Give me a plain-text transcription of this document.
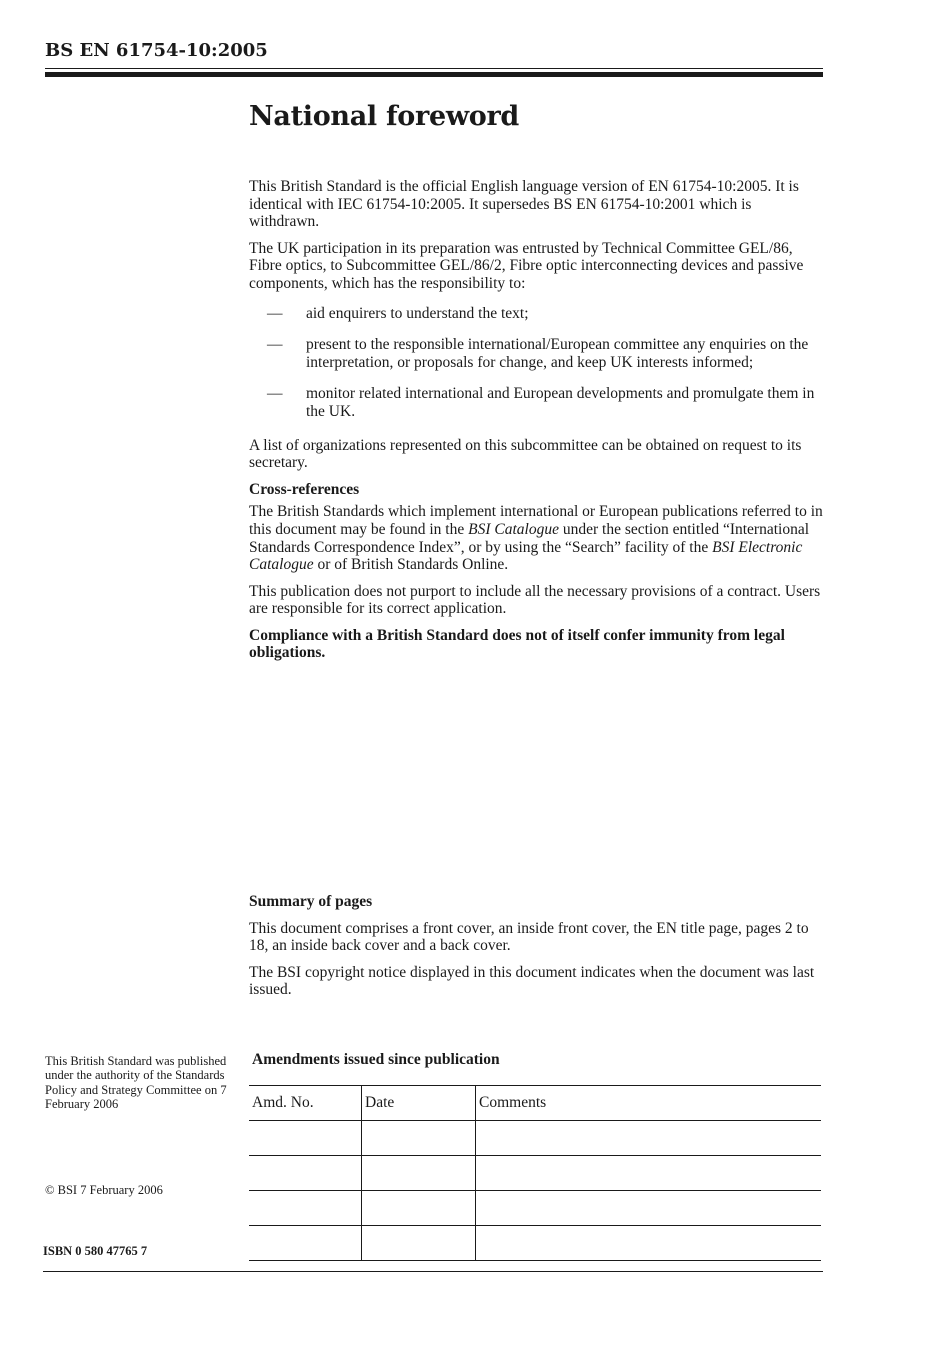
BS EN 61754-10:2005
National foreword

This British Standard is the official English language version of EN 61754-10:2005. It is identical with IEC 61754-10:2005. It supersedes BS EN 61754-10:2001 which is withdrawn.

The UK participation in its preparation was entrusted by Technical Committee GEL/86, Fibre optics, to Subcommittee GEL/86/2, Fibre optic interconnecting devices and passive components, which has the responsibility to:

— aid enquirers to understand the text;
— present to the responsible international/European committee any enquiries on the interpretation, or proposals for change, and keep UK interests informed;
— monitor related international and European developments and promulgate them in the UK.

A list of organizations represented on this subcommittee can be obtained on request to its secretary.

Cross-references

The British Standards which implement international or European publications referred to in this document may be found in the BSI Catalogue under the section entitled “International Standards Correspondence Index”, or by using the “Search” facility of the BSI Electronic Catalogue or of British Standards Online.

This publication does not purport to include all the necessary provisions of a contract. Users are responsible for its correct application.

Compliance with a British Standard does not of itself confer immunity from legal obligations.

Summary of pages

This document comprises a front cover, an inside front cover, the EN title page, pages 2 to 18, an inside back cover and a back cover.

The BSI copyright notice displayed in this document indicates when the document was last issued.

This British Standard was published under the authority of the Standards Policy and Strategy Committee on 7 February 2006
© BSI 7 February 2006
ISBN 0 580 47765 7
Amendments issued since publication
Amd. No.	Date	Comments
